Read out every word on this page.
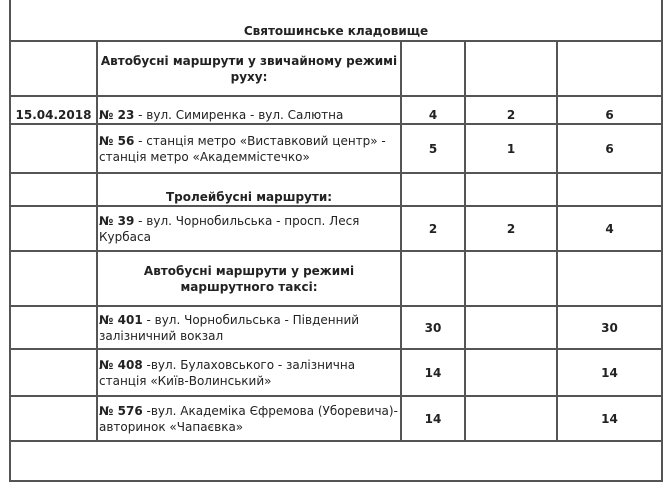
Святошинське кладовище				
	Автобусні маршрути у звичайному режимі руху:			
15.04.2018	№ 23 - вул. Симиренка - вул. Салютна	4	2	6
	№ 56 - станція метро «Виставковий центр» - станція метро «Академмістечко»	5	1	6
	Тролейбусні маршрути:			
	№ 39 - вул. Чорнобильська - просп. Леся Курбаса	2	2	4
	Автобусні маршрути у режимі маршрутного таксі:			
	№ 401 - вул. Чорнобильська - Південний залізничний вокзал	30		30
	№ 408 -вул. Булаховського - залізнична станція «Київ-Волинський»	14		14
	№ 576 -вул. Академіка Єфремова (Уборевича)- авторинок «Чапаєвка»	14		14
